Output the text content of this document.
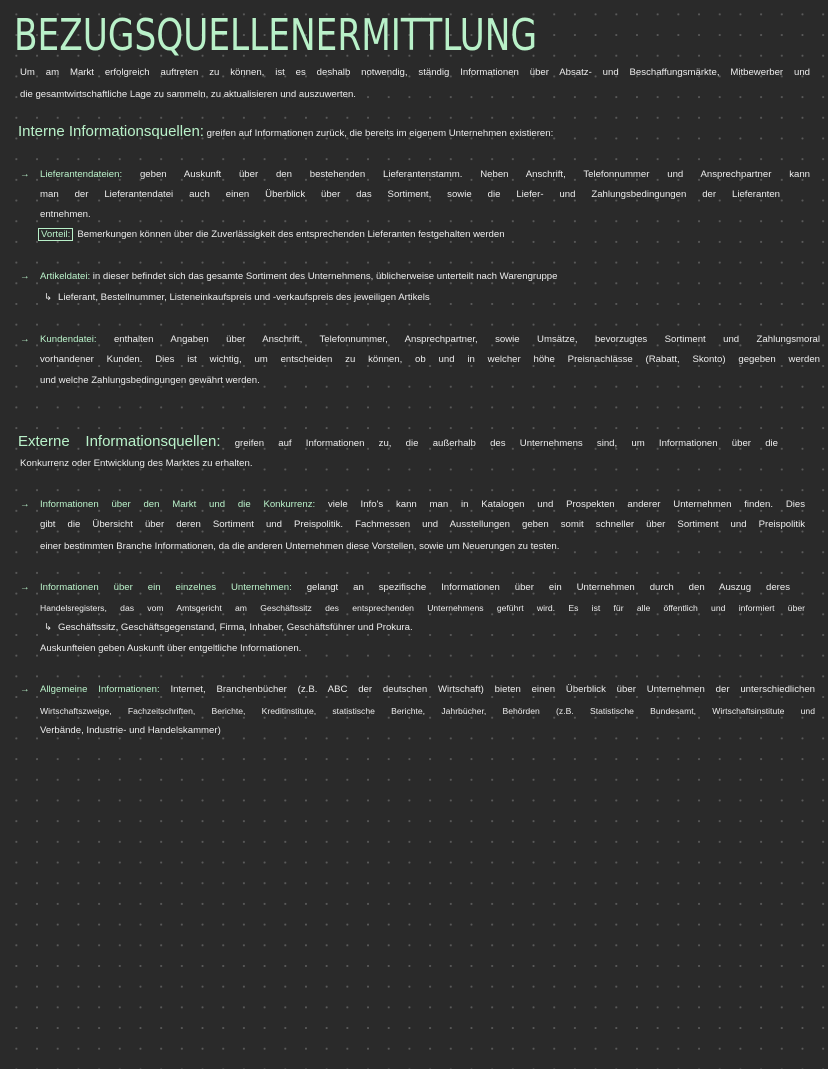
BEZUGSQUELLENERMITTLUNG
Um am Markt erfolgreich auftreten zu können, ist es deshalb notwendig, ständig Informationen über Absatz- und Beschaffungsmärkte, Mitbewerber und
die gesamtwirtschaftliche Lage zu sammeln, zu aktualisieren und auszuwerten.
Interne Informationsquellen: greifen auf Informationen zurück, die bereits im eigenem Unternehmen existieren:
→ Lieferantendateien: geben Auskunft über den bestehenden Lieferantenstamm. Neben Anschrift, Telefonnummer und Ansprechpartner kann
man der Lieferantendatei auch einen Überblick über das Sortiment, sowie die Liefer- und Zahlungsbedingungen der Lieferanten
entnehmen.
Vorteil: Bemerkungen können über die Zuverlässigkeit des entsprechenden Lieferanten festgehalten werden
→ Artikeldatei: in dieser befindet sich das gesamte Sortiment des Unternehmens, üblicherweise unterteilt nach Warengruppe
↳ Lieferant, Bestellnummer, Listeneinkaufspreis und -verkaufspreis des jeweiligen Artikels
→ Kundendatei: enthalten Angaben über Anschrift, Telefonnummer, Ansprechpartner, sowie Umsätze, bevorzugtes Sortiment und Zahlungsmoral
vorhandener Kunden. Dies ist wichtig, um entscheiden zu können, ob und in welcher höhe Preisnachlässe (Rabatt, Skonto) gegeben werden
und welche Zahlungsbedingungen gewährt werden.
Externe Informationsquellen: greifen auf Informationen zu, die außerhalb des Unternehmens sind, um Informationen über die
Konkurrenz oder Entwicklung des Marktes zu erhalten.
→ Informationen über den Markt und die Konkurrenz: viele Info's kann man in Katalogen und Prospekten anderer Unternehmen finden. Dies
gibt die Übersicht über deren Sortiment und Preispolitik. Fachmessen und Ausstellungen geben somit schneller über Sortiment und Preispolitik
einer bestimmten Branche Informationen, da die anderen Unternehmen diese Vorstellen, sowie um Neuerungen zu testen.
→ Informationen über ein einzelnes Unternehmen: gelangt an spezifische Informationen über ein Unternehmen durch den Auszug deres
Handelsregisters, das vom Amtsgericht am Geschäftssitz des entsprechenden Unternehmens geführt wird. Es ist für alle öffentlich und informiert über
↳ Geschäftssitz, Geschäftsgegenstand, Firma, Inhaber, Geschäftsführer und Prokura.
Auskunfteien geben Auskunft über entgeltliche Informationen.
→ Allgemeine Informationen: Internet, Branchenbücher (z.B. ABC der deutschen Wirtschaft) bieten einen Überblick über Unternehmen der unterschiedlichen
Wirtschaftszweige, Fachzeitschriften, Berichte, Kreditinstitute, statistische Berichte, Jahrbücher, Behörden (z.B. Statistische Bundesamt, Wirtschaftsinstitute und
Verbände, Industrie- und Handelskammer)
